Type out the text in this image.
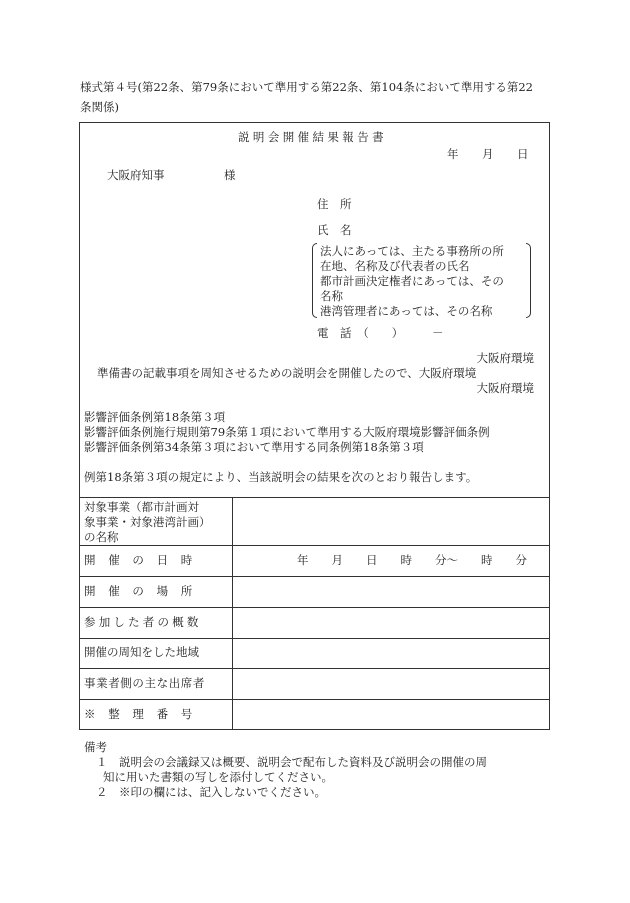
様式第４号(第22条、第79条において準用する第22条、第104条において準用する第22
条関係)
説明会開催結果報告書
年 月 日
大阪府知事	様
住　所
氏　名
法人にあっては、主たる事務所の所
在地、名称及び代表者の氏名
都市計画決定権者にあっては、その
名称
港湾管理者にあっては、その名称
電　話　（　　）　　　－
大阪府環境
準備書の記載事項を周知させるための説明会を開催したので、大阪府環境
大阪府環境
影響評価条例第18条第３項
影響評価条例施行規則第79条第１項において準用する大阪府環境影響評価条例
影響評価条例第34条第３項において準用する同条例第18条第３項
例第18条第３項の規定により、当該説明会の結果を次のとおり報告します。
対象事業（都市計画対
象事業・対象港湾計画）
の名称
開　催　の　日　時
開　催　の　場　所
参加した者の概数
開催の周知をした地域
事業者側の主な出席者
※　整　理　番　号
年　　月　　日　　時　　分～　　時　　分
備考
１　説明会の会議録又は概要、説明会で配布した資料及び説明会の開催の周
知に用いた書類の写しを添付してください。
２　※印の欄には、記入しないでください。
